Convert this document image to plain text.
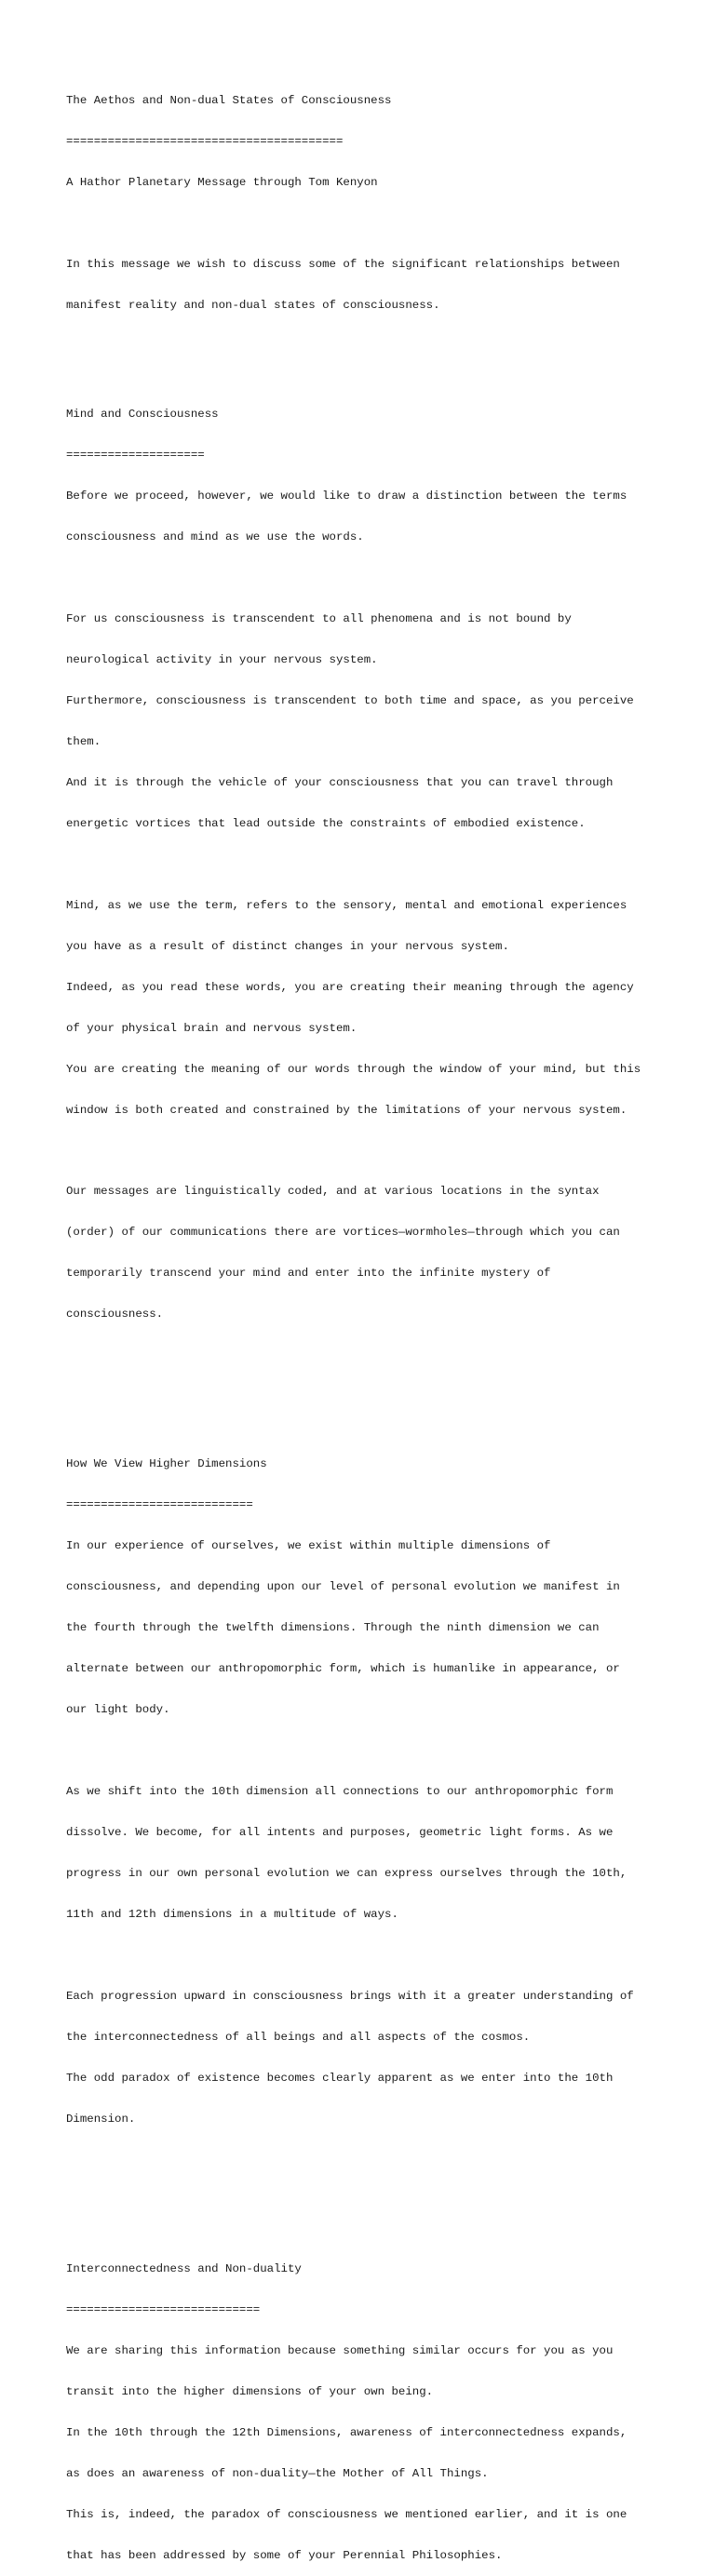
The Aethos and Non-dual States of Consciousness

========================================

A Hathor Planetary Message through Tom Kenyon

In this message we wish to discuss some of the significant relationships between

manifest reality and non-dual states of consciousness.

Mind and Consciousness

====================

Before we proceed, however, we would like to draw a distinction between the terms

consciousness and mind as we use the words.

For us consciousness is transcendent to all phenomena and is not bound by

neurological activity in your nervous system.

Furthermore, consciousness is transcendent to both time and space, as you perceive

them.

And it is through the vehicle of your consciousness that you can travel through

energetic vortices that lead outside the constraints of embodied existence.

Mind, as we use the term, refers to the sensory, mental and emotional experiences

you have as a result of distinct changes in your nervous system.

Indeed, as you read these words, you are creating their meaning through the agency

of your physical brain and nervous system.

You are creating the meaning of our words through the window of your mind, but this

window is both created and constrained by the limitations of your nervous system.

Our messages are linguistically coded, and at various locations in the syntax

(order) of our communications there are vortices—wormholes—through which you can

temporarily transcend your mind and enter into the infinite mystery of

consciousness.

How We View Higher Dimensions

===========================

In our experience of ourselves, we exist within multiple dimensions of

consciousness, and depending upon our level of personal evolution we manifest in

the fourth through the twelfth dimensions. Through the ninth dimension we can

alternate between our anthropomorphic form, which is humanlike in appearance, or

our light body.

As we shift into the 10th dimension all connections to our anthropomorphic form

dissolve. We become, for all intents and purposes, geometric light forms. As we

progress in our own personal evolution we can express ourselves through the 10th,

11th and 12th dimensions in a multitude of ways.

Each progression upward in consciousness brings with it a greater understanding of

the interconnectedness of all beings and all aspects of the cosmos.

The odd paradox of existence becomes clearly apparent as we enter into the 10th

Dimension.

Interconnectedness and Non-duality

============================

We are sharing this information because something similar occurs for you as you

transit into the higher dimensions of your own being.

In the 10th through the 12th Dimensions, awareness of interconnectedness expands,

as does an awareness of non-duality—the Mother of All Things.

This is, indeed, the paradox of consciousness we mentioned earlier, and it is one

that has been addressed by some of your Perennial Philosophies.
